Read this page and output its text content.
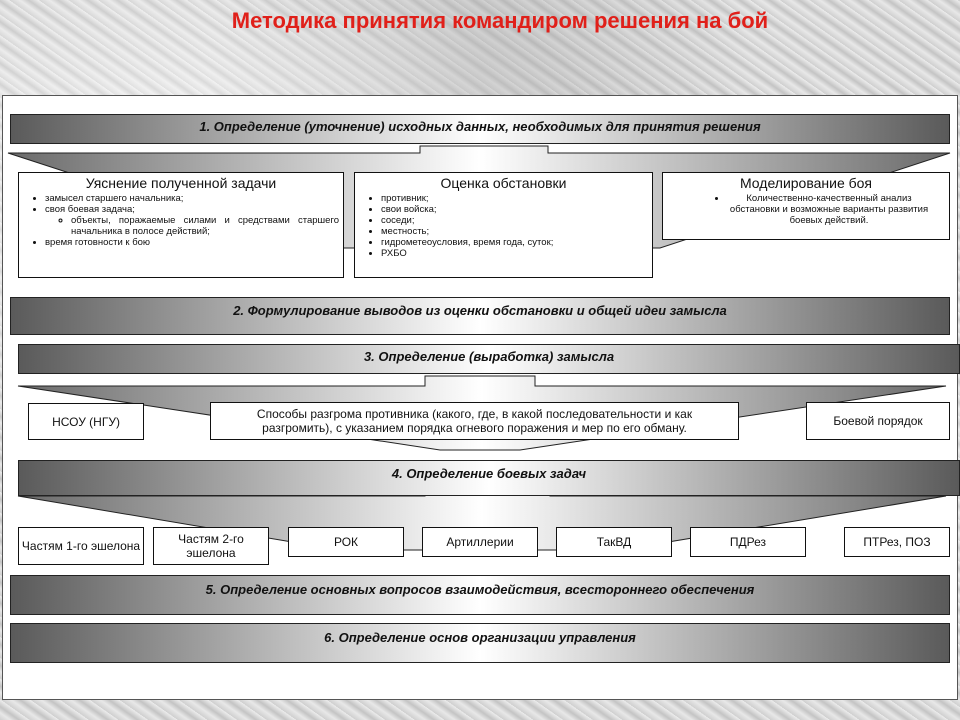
Методика принятия командиром решения на бой
1. Определение (уточнение) исходных данных, необходимых для принятия решения
2. Формулирование выводов из оценки обстановки и общей идеи замысла
3. Определение (выработка) замысла
4. Определение боевых задач
5. Определение основных вопросов взаимодействия, всестороннего обеспечения
6. Определение основ организации управления
Уяснение полученной задачи
• замысел старшего начальника;
• своя боевая задача;
◦ объекты, поражаемые силами и средствами старшего начальника в полосе действий;
• время готовности к бою
Оценка обстановки
• противник;
• свои войска;
• соседи;
• местность;
• гидрометеоусловия, время года, суток;
• РХБО
Моделирование боя
• Количественно-качественный анализ обстановки и возможные варианты развития боевых действий.
НСОУ (НГУ)
Способы разгрома противника (какого, где, в какой последовательности и как разгромить), с указанием порядка огневого поражения и мер по его обману.	Боевой порядок
Частям 1-го эшелона	Частям 2-го эшелона
РОК	Артиллерии	ТакВД	ПДРез	ПТРез, ПОЗ
